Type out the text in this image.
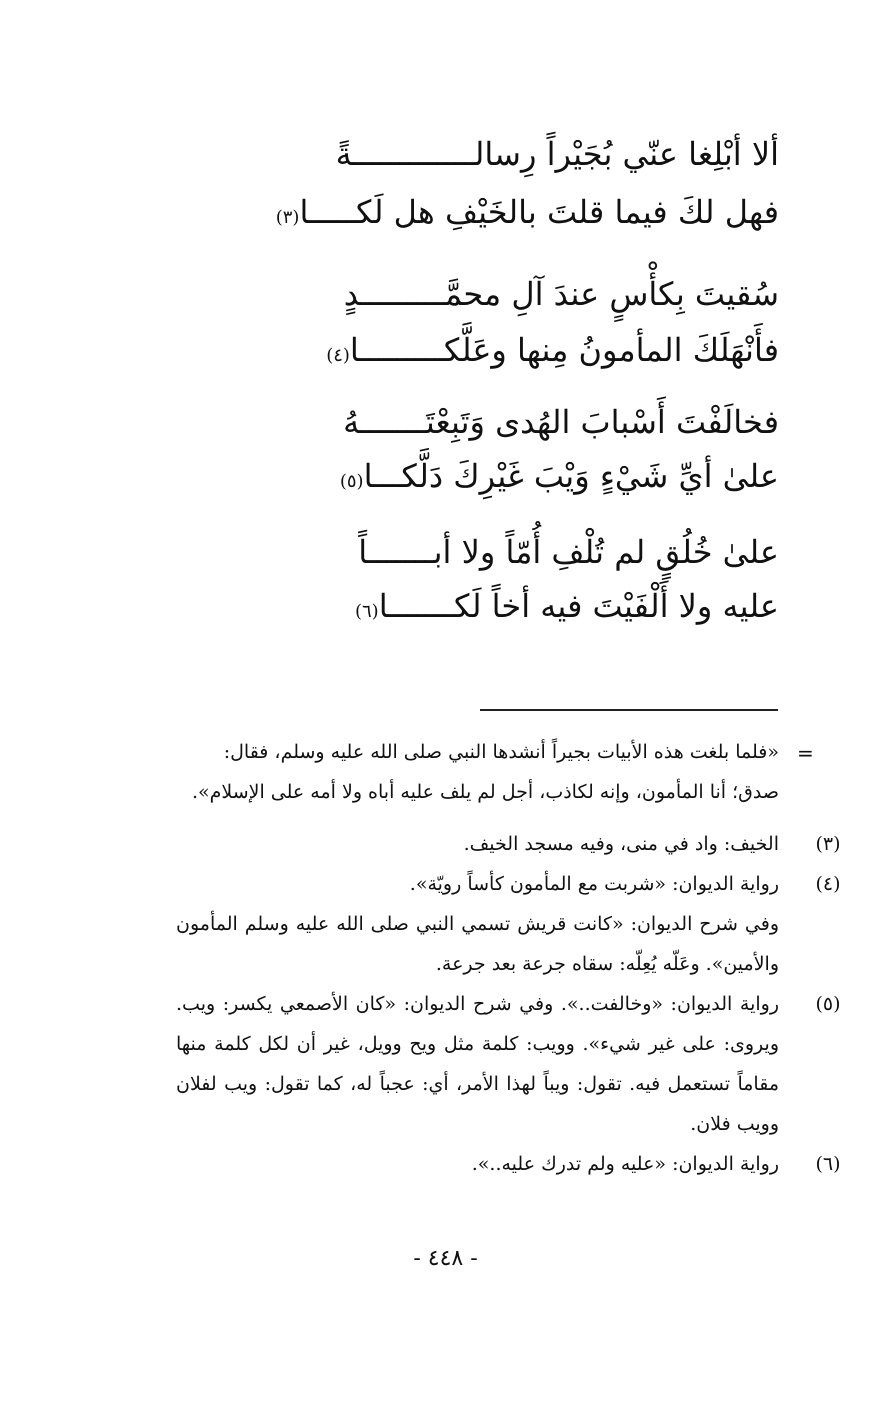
ألا أبْلِغا عنّي بُجَيْراً رِسالـــــــــــــةً
فهل لكَ فيما قلتَ بالخَيْفِ هل لَكـــــا(٣)
سُقيتَ بِكأْسٍ عندَ آلِ محمَّـــــــــدٍ
فأَنْهَلَكَ المأمونُ مِنها وعَلَّكـــــــــا(٤)
فخالَفْتَ أَسْبابَ الهُدى وَتَبِعْتَـــــــهُ
علىٰ أيِّ شَيْءٍ وَيْبَ غَيْرِكَ دَلَّكـــا(٥)
علىٰ خُلُقٍ لم تُلْفِ أُمّاً ولا أبـــــــاً
عليه ولا أَلْفَيْتَ فيه أخاً لَكـــــــا(٦)
=

«فلما بلغت هذه الأبيات بجيراً أنشدها النبي صلى الله عليه وسلم، فقال:

صدق؛ أنا المأمون، وإنه لكاذب، أجل لم يلف عليه أباه ولا أمه على الإسلام».

(٣)

الخيف: واد في منى، وفيه مسجد الخيف.

(٤)

رواية الديوان: «شربت مع المأمون كأساً رويّة».

وفي شرح الديوان: «كانت قريش تسمي النبي صلى الله عليه وسلم المأمون والأمين». وعَلّه يُعِلّه: سقاه جرعة بعد جرعة.

(٥)

رواية الديوان: «وخالفت..». وفي شرح الديوان: «كان الأصمعي يكسر: ويب. ويروى: على غير شيء». وويب: كلمة مثل ويح وويل، غير أن لكل كلمة منها مقاماً تستعمل فيه. تقول: ويباً لهذا الأمر، أي: عجباً له، كما تقول: ويب لفلان وويب فلان.

(٦)

رواية الديوان: «عليه ولم تدرك عليه..».

- ٤٤٨ -
